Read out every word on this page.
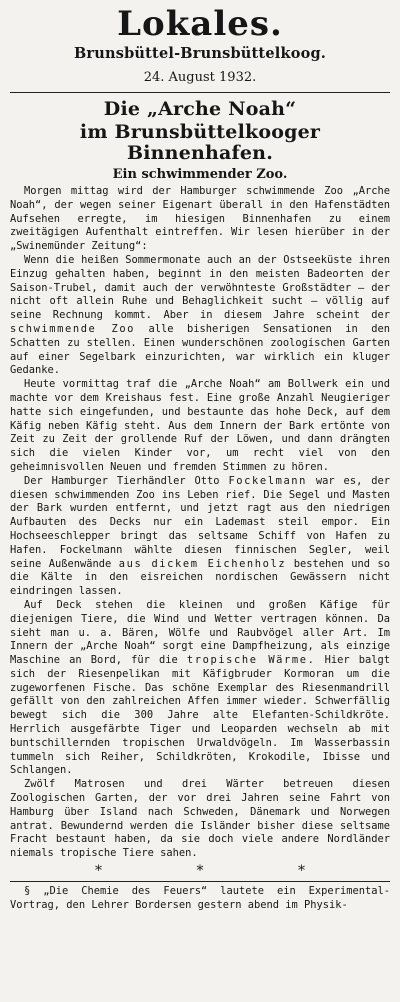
Lokales.
Brunsbüttel-Brunsbüttelkoog.
24. August 1932.
Die „Arche Noah“
im Brunsbüttelkooger Binnenhafen.
Ein schwimmender Zoo.

Morgen mittag wird der Hamburger schwimmende Zoo „Arche Noah“, der wegen seiner Eigenart überall in den Hafenstädten Aufsehen erregte, im hiesigen Binnenhafen zu einem zweitägigen Aufenthalt eintreffen. Wir lesen hierüber in der „Swinemünder Zeitung“:

Wenn die heißen Sommermonate auch an der Ostseeküste ihren Einzug gehalten haben, beginnt in den meisten Badeorten der Saison-Trubel, damit auch der verwöhnteste Großstädter – der nicht oft allein Ruhe und Behaglichkeit sucht – völlig auf seine Rechnung kommt. Aber in diesem Jahre scheint der schwimmende Zoo alle bisherigen Sensationen in den Schatten zu stellen. Einen wunderschönen zoologischen Garten auf einer Segelbark einzurichten, war wirklich ein kluger Gedanke.

Heute vormittag traf die „Arche Noah“ am Bollwerk ein und machte vor dem Kreishaus fest. Eine große Anzahl Neugieriger hatte sich eingefunden, und bestaunte das hohe Deck, auf dem Käfig neben Käfig steht. Aus dem Innern der Bark ertönte von Zeit zu Zeit der grollende Ruf der Löwen, und dann drängten sich die vielen Kinder vor, um recht viel von den geheimnisvollen Neuen und fremden Stimmen zu hören.

Der Hamburger Tierhändler Otto Fockelmann war es, der diesen schwimmenden Zoo ins Leben rief. Die Segel und Masten der Bark wurden entfernt, und jetzt ragt aus den niedrigen Aufbauten des Decks nur ein Lademast steil empor. Ein Hochseeschlepper bringt das seltsame Schiff von Hafen zu Hafen. Fockelmann wählte diesen finnischen Segler, weil seine Außenwände aus dickem Eichenholz bestehen und so die Kälte in den eisreichen nordischen Gewässern nicht eindringen lassen.

Auf Deck stehen die kleinen und großen Käfige für diejenigen Tiere, die Wind und Wetter vertragen können. Da sieht man u. a. Bären, Wölfe und Raubvögel aller Art. Im Innern der „Arche Noah“ sorgt eine Dampfheizung, als einzige Maschine an Bord, für die tropische Wärme. Hier balgt sich der Riesenpelikan mit Käfigbruder Kormoran um die zugeworfenen Fische. Das schöne Exemplar des Riesenmandrill gefällt von den zahlreichen Affen immer wieder. Schwerfällig bewegt sich die 300 Jahre alte Elefanten-Schildkröte. Herrlich ausgefärbte Tiger und Leoparden wechseln ab mit buntschillernden tropischen Urwaldvögeln. Im Wasserbassin tummeln sich Reiher, Schildkröten, Krokodile, Ibisse und Schlangen.

Zwölf Matrosen und drei Wärter betreuen diesen Zoologischen Garten, der vor drei Jahren seine Fahrt von Hamburg über Island nach Schweden, Dänemark und Norwegen antrat. Bewundernd werden die Isländer bisher diese seltsame Fracht bestaunt haben, da sie doch viele andere Nordländer niemals tropische Tiere sahen.

* * *

§ „Die Chemie des Feuers“ lautete ein Experimental-Vortrag, den Lehrer Bordersen gestern abend im Physik-
